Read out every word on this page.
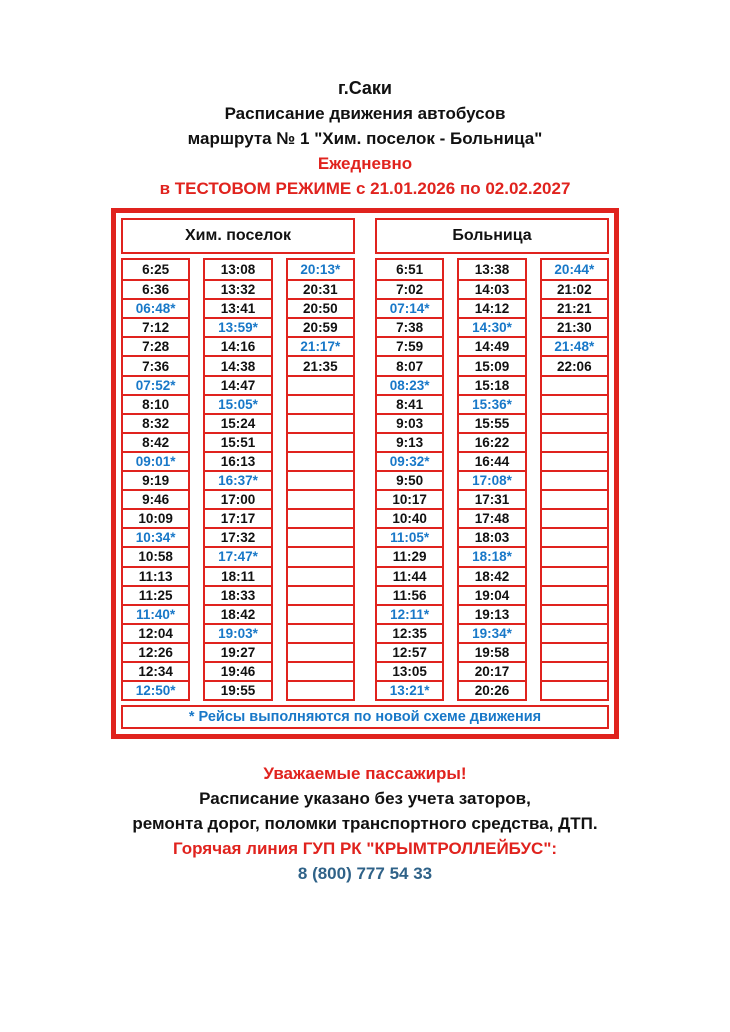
г.Саки
Расписание движения автобусов
маршрута № 1 "Хим. поселок - Больница"
Ежедневно
в ТЕСТОВОМ РЕЖИМЕ с 21.01.2026 по 02.02.2027
Хим. поселок
6:25
6:36
06:48*
7:12
7:28
7:36
07:52*
8:10
8:32
8:42
09:01*
9:19
9:46
10:09
10:34*
10:58
11:13
11:25
11:40*
12:04
12:26
12:34
12:50*
13:08
13:32
13:41
13:59*
14:16
14:38
14:47
15:05*
15:24
15:51
16:13
16:37*
17:00
17:17
17:32
17:47*
18:11
18:33
18:42
19:03*
19:27
19:46
19:55
20:13*
20:31
20:50
20:59
21:17*
21:35
Больница
6:51
7:02
07:14*
7:38
7:59
8:07
08:23*
8:41
9:03
9:13
09:32*
9:50
10:17
10:40
11:05*
11:29
11:44
11:56
12:11*
12:35
12:57
13:05
13:21*
13:38
14:03
14:12
14:30*
14:49
15:09
15:18
15:36*
15:55
16:22
16:44
17:08*
17:31
17:48
18:03
18:18*
18:42
19:04
19:13
19:34*
19:58
20:17
20:26
20:44*
21:02
21:21
21:30
21:48*
22:06
* Рейсы выполняются по новой схеме движения
Уважаемые пассажиры!
Расписание указано без учета заторов,
ремонта дорог, поломки транспортного средства, ДТП.
Горячая линия ГУП РК "КРЫМТРОЛЛЕЙБУС":
8 (800) 777 54 33
